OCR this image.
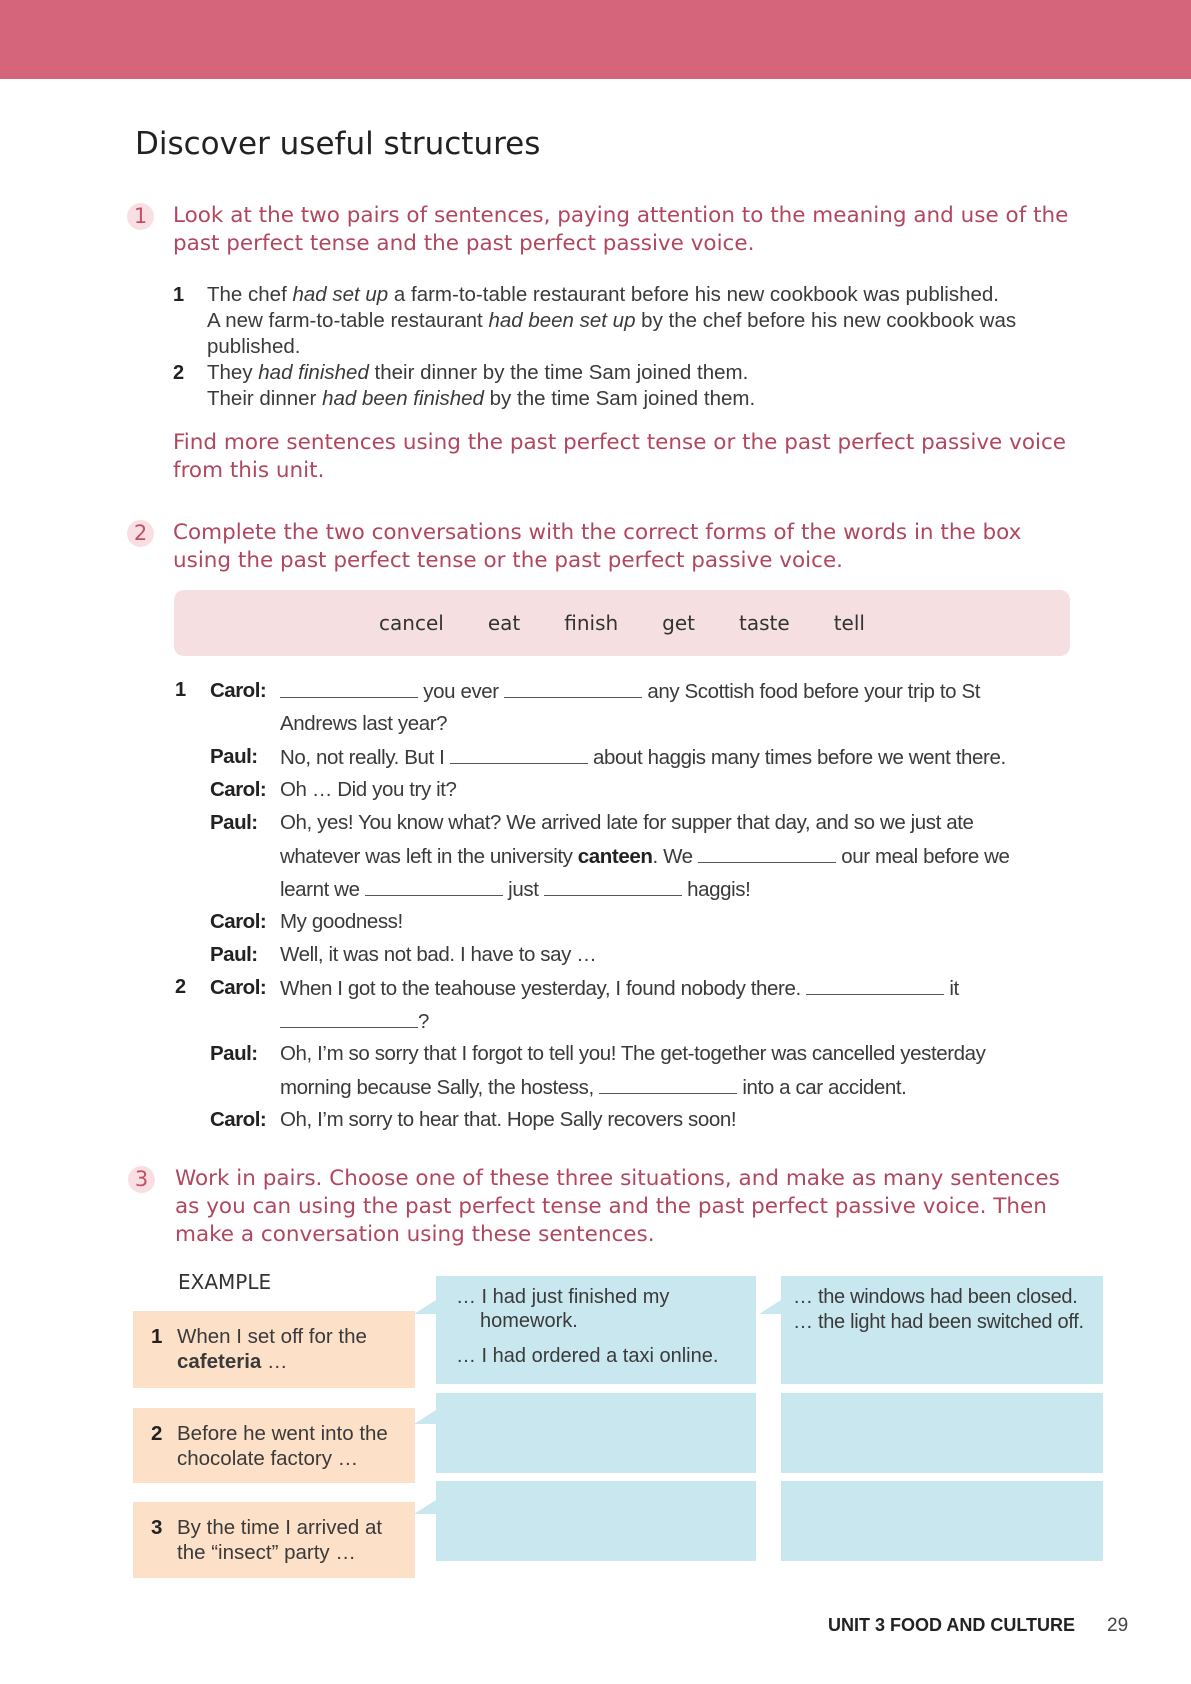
Discover useful structures
1	Look at the two pairs of sentences, paying attention to the meaning and use of the past perfect tense and the past perfect passive voice.
1 The chef had set up a farm-to-table restaurant before his new cookbook was published.
A new farm-to-table restaurant had been set up by the chef before his new cookbook was published.
2 They had finished their dinner by the time Sam joined them.
Their dinner had been finished by the time Sam joined them.
Find more sentences using the past perfect tense or the past perfect passive voice from this unit.
2	Complete the two conversations with the correct forms of the words in the box using the past perfect tense or the past perfect passive voice.
cancel eat finish get taste tell
1 Carol:	you ever	any Scottish food before your trip to St
Andrews last year?
Paul: No, not really. But I	about haggis many times before we went there.
Carol: Oh … Did you try it?
Paul: Oh, yes! You know what? We arrived late for supper that day, and so we just ate
whatever was left in the university canteen. We	our meal before we
learnt we	just	haggis!
Carol: My goodness!
Paul: Well, it was not bad. I have to say …
2 Carol: When I got to the teahouse yesterday, I found nobody there.	it
?
Paul: Oh, I’m so sorry that I forgot to tell you! The get-together was cancelled yesterday
morning because Sally, the hostess,	into a car accident.
Carol: Oh, I’m sorry to hear that. Hope Sally recovers soon!
3	Work in pairs. Choose one of these three situations, and make as many sentences as you can using the past perfect tense and the past perfect passive voice. Then make a conversation using these sentences.
EXAMPLE
1 When I set off for the cafeteria …
2 Before he went into the chocolate factory …
3 By the time I arrived at the “insect” party …
… I had just finished my homework.
… I had ordered a taxi online.
… the windows had been closed.
… the light had been switched off.
UNIT 3 FOOD AND CULTURE 29
